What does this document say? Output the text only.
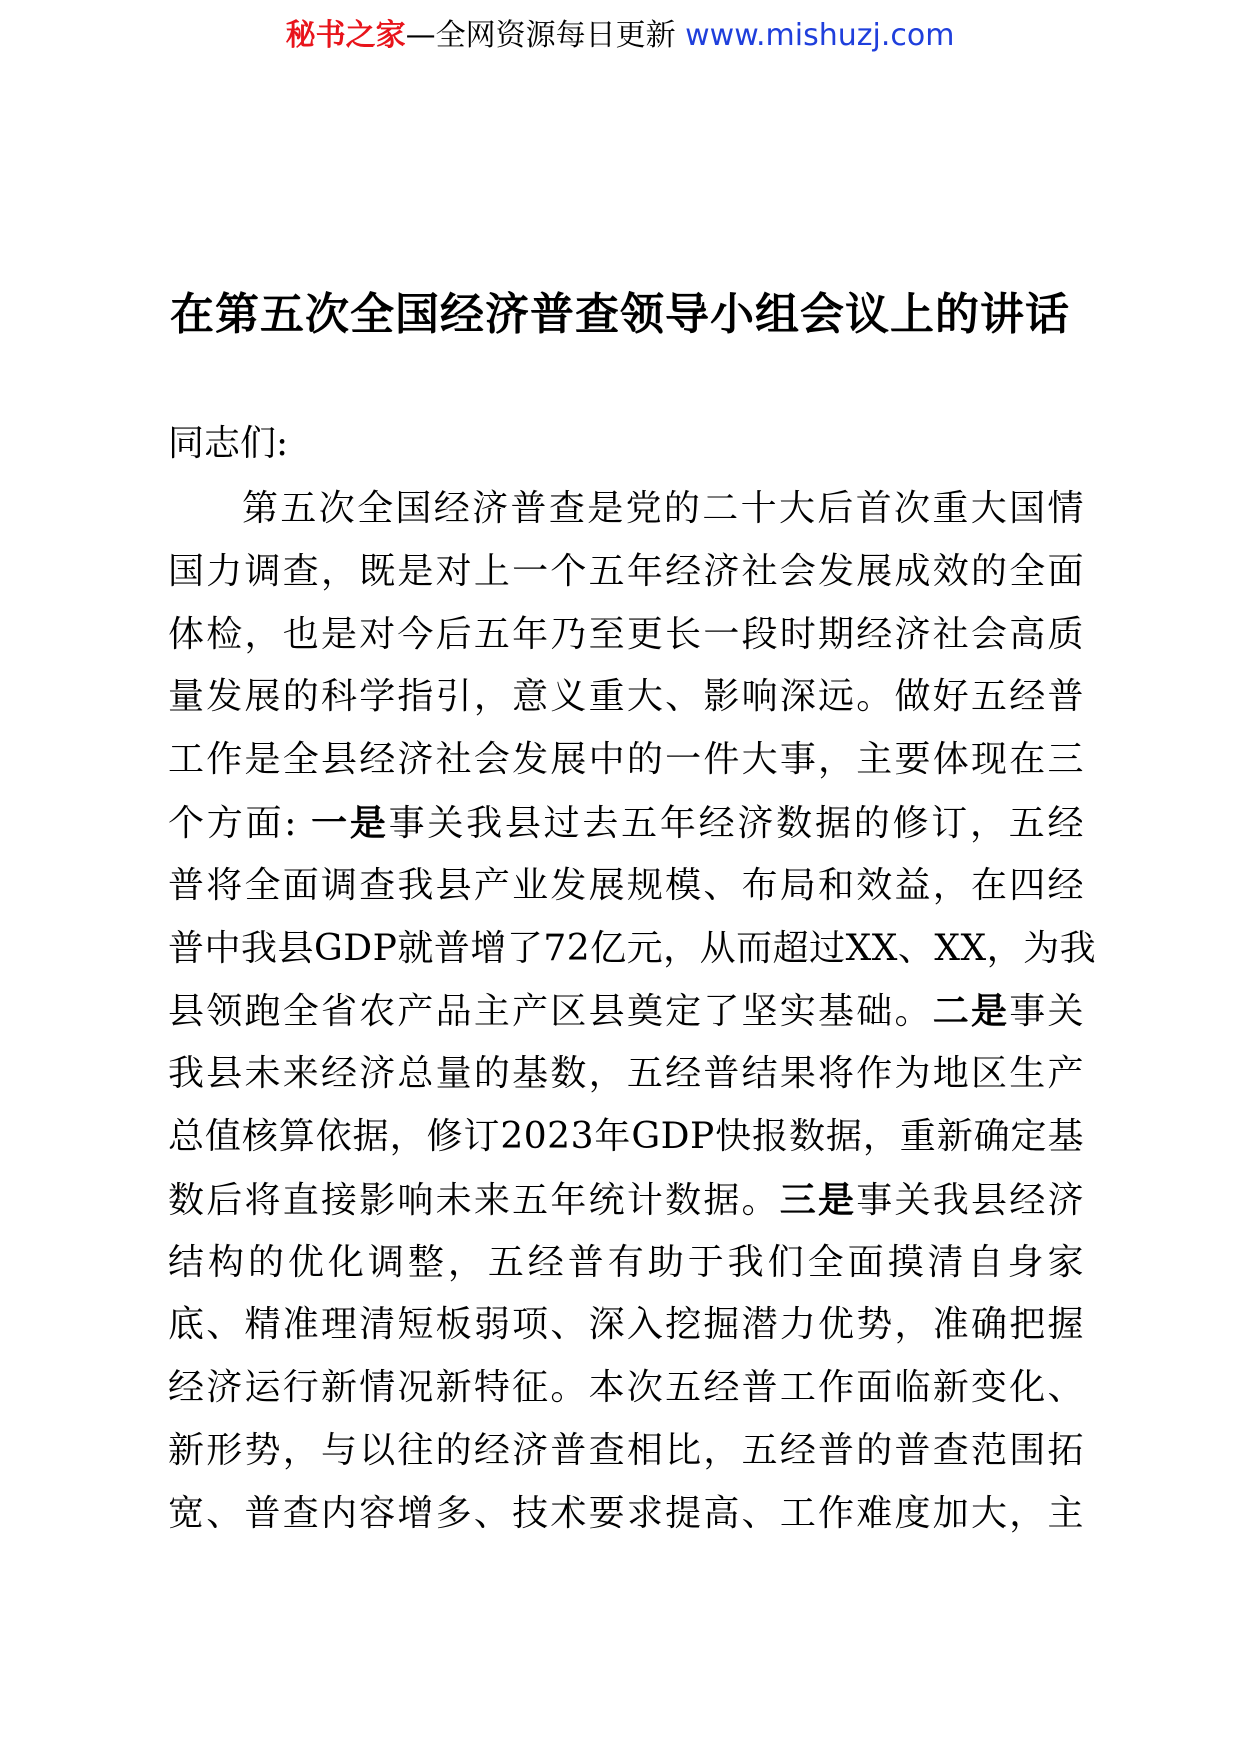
秘书之家—全网资源每日更新 www.mishuzj.com
在第五次全国经济普查领导小组会议上的讲话
同志们:
第五次全国经济普查是党的二十大后首次重大国情
国力调查，既是对上一个五年经济社会发展成效的全面
体检，也是对今后五年乃至更长一段时期经济社会高质
量发展的科学指引，意义重大、影响深远。做好五经普
工作是全县经济社会发展中的一件大事，主要体现在三
个方面: 一是事关我县过去五年经济数据的修订，五经
普将全面调查我县产业发展规模、布局和效益，在四经
普中我县GDP就普增了72亿元，从而超过XX、XX，为我
县领跑全省农产品主产区县奠定了坚实基础。二是事关
我县未来经济总量的基数，五经普结果将作为地区生产
总值核算依据，修订2023年GDP快报数据，重新确定基
数后将直接影响未来五年统计数据。三是事关我县经济
结构的优化调整，五经普有助于我们全面摸清自身家
底、精准理清短板弱项、深入挖掘潜力优势，准确把握
经济运行新情况新特征。本次五经普工作面临新变化、
新形势，与以往的经济普查相比，五经普的普查范围拓
宽、普查内容增多、技术要求提高、工作难度加大，主
